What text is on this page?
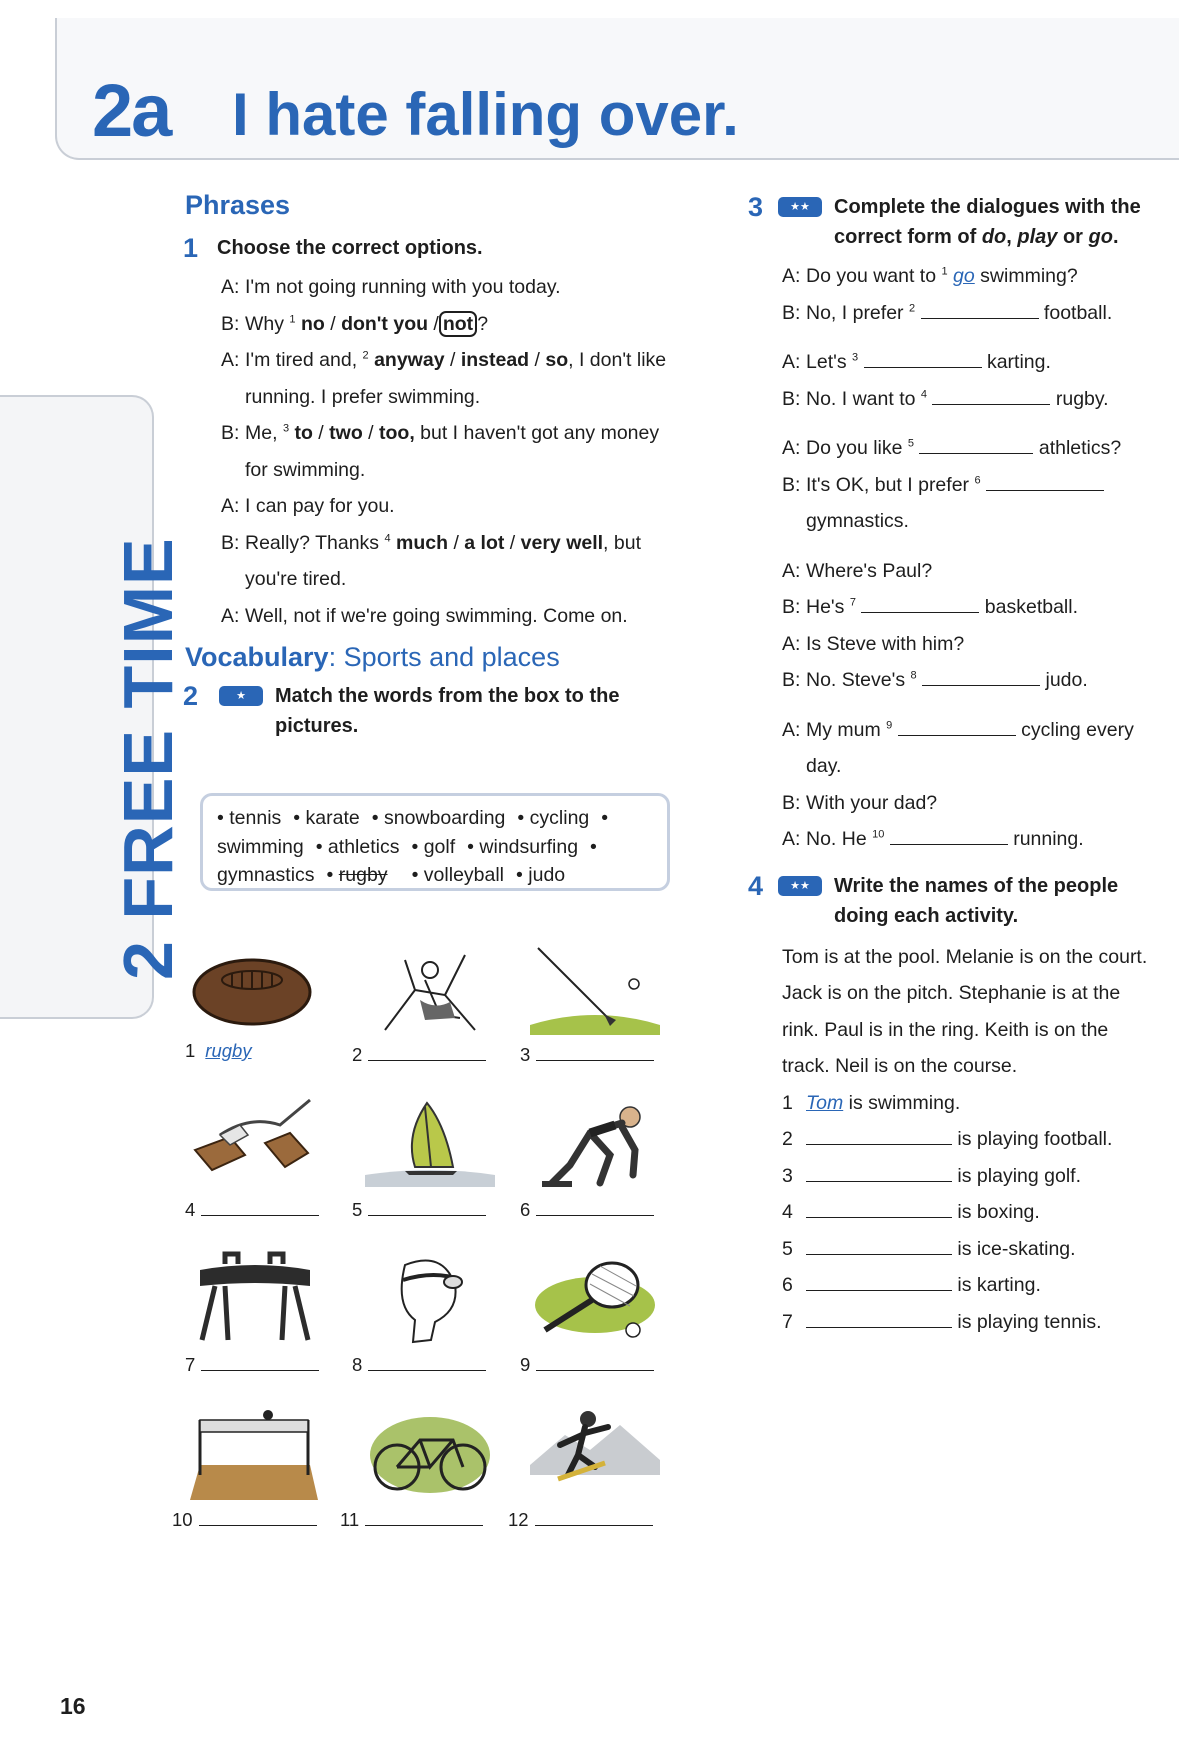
2a I hate falling over.
2 FREE TIME
Phrases
1 Choose the correct options.
A: I'm not going running with you today.
B: Why $^1$ no / don't you / not ?
A: I'm tired and, $^2$ anyway / instead / so, I don't like running. I prefer swimming.
B: Me, $^3$ to / two / too, but I haven't got any money for swimming.
A: I can pay for you.
B: Really? Thanks $^4$ much / a lot / very well, but you're tired.
A: Well, not if we're going swimming. Come on.
Vocabulary: Sports and places
2	★	Match the words from the box to the pictures.
• tennis • karate • snowboarding • cycling • swimming • athletics • golf • windsurfing • gymnastics • rugby • volleyball • judo
1 rugby	2	3
4	5	6
7	8	9
10	11	12
3	★★	Complete the dialogues with the correct form of do, play or go.
A: Do you want to $^1$ go swimming?
B: No, I prefer $^2$	football.
A: Let's $^3$	karting.
B: No. I want to $^4$	rugby.
A: Do you like $^5$	athletics?
B: It's OK, but I prefer $^6$  gymnastics.
A: Where's Paul?
B: He's $^7$	basketball.
A: Is Steve with him?
B: No. Steve's $^8$	judo.
A: My mum $^9$	cycling every day.
B: With your dad?
A: No. He $^{10}$	running.
4	★★	Write the names of the people doing each activity.
Tom is at the pool. Melanie is on the court. Jack is on the pitch. Stephanie is at the rink. Paul is in the ring. Keith is on the track. Neil is on the course.
1 Tom is swimming.
2	is playing football.
3	is playing golf.
4	is boxing.
5	is ice-skating.
6	is karting.
7	is playing tennis.
16
